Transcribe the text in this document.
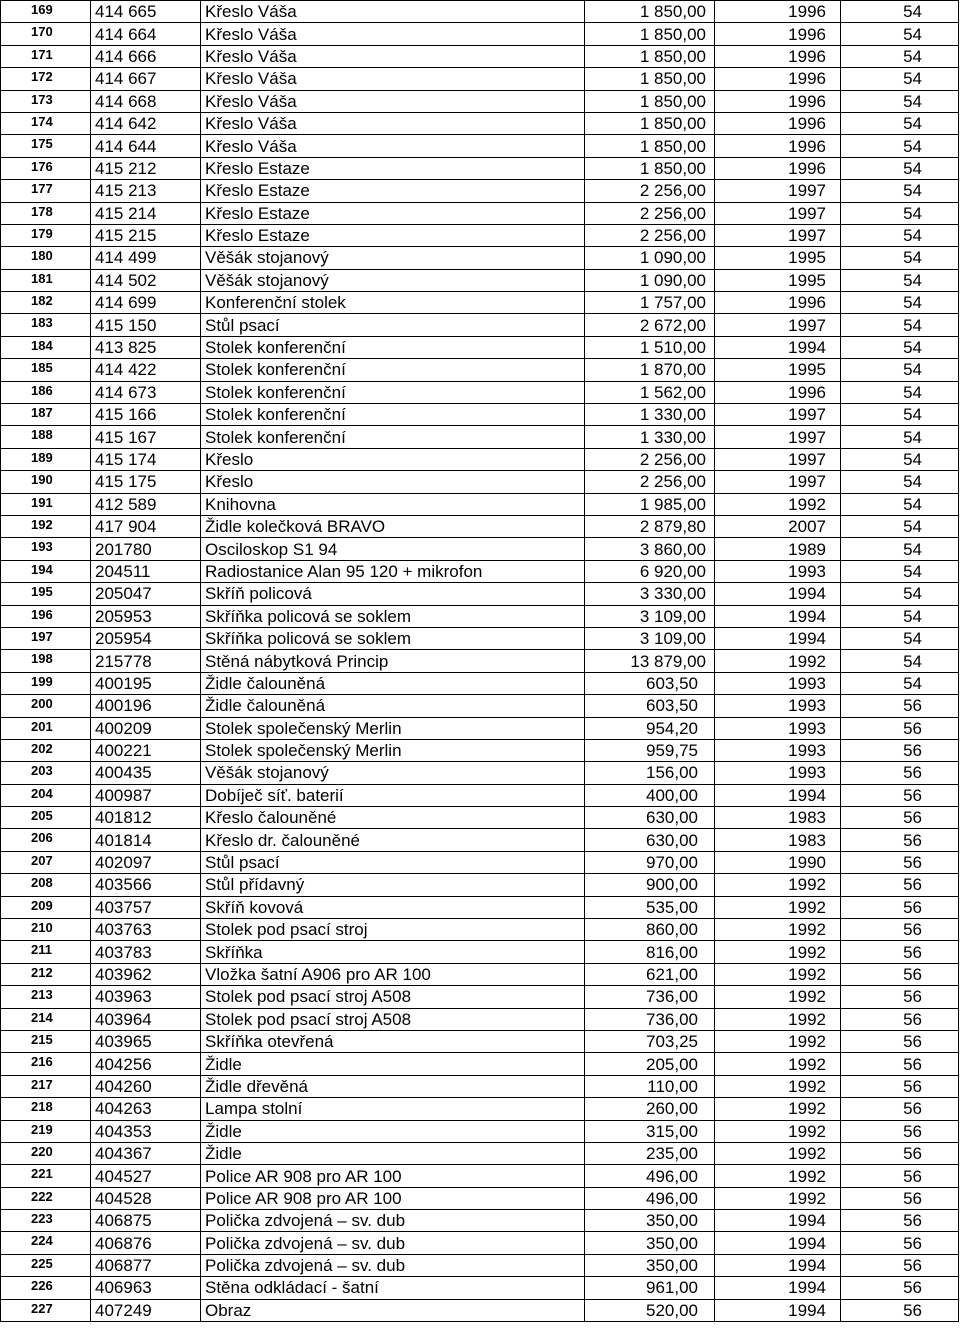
169	414 665	Křeslo Váša	1 850,00	1996	54
170	414 664	Křeslo Váša	1 850,00	1996	54
171	414 666	Křeslo Váša	1 850,00	1996	54
172	414 667	Křeslo Váša	1 850,00	1996	54
173	414 668	Křeslo Váša	1 850,00	1996	54
174	414 642	Křeslo Váša	1 850,00	1996	54
175	414 644	Křeslo Váša	1 850,00	1996	54
176	415 212	Křeslo Estaze	1 850,00	1996	54
177	415 213	Křeslo Estaze	2 256,00	1997	54
178	415 214	Křeslo Estaze	2 256,00	1997	54
179	415 215	Křeslo Estaze	2 256,00	1997	54
180	414 499	Věšák stojanový	1 090,00	1995	54
181	414 502	Věšák stojanový	1 090,00	1995	54
182	414 699	Konferenční stolek	1 757,00	1996	54
183	415 150	Stůl psací	2 672,00	1997	54
184	413 825	Stolek konferenční	1 510,00	1994	54
185	414 422	Stolek konferenční	1 870,00	1995	54
186	414 673	Stolek konferenční	1 562,00	1996	54
187	415 166	Stolek konferenční	1 330,00	1997	54
188	415 167	Stolek konferenční	1 330,00	1997	54
189	415 174	Křeslo	2 256,00	1997	54
190	415 175	Křeslo	2 256,00	1997	54
191	412 589	Knihovna	1 985,00	1992	54
192	417 904	Židle kolečková BRAVO	2 879,80	2007	54
193	201780	Osciloskop S1 94	3 860,00	1989	54
194	204511	Radiostanice Alan 95 120 + mikrofon	6 920,00	1993	54
195	205047	Skříň policová	3 330,00	1994	54
196	205953	Skříňka policová se soklem	3 109,00	1994	54
197	205954	Skříňka policová se soklem	3 109,00	1994	54
198	215778	Stěná nábytková Princip	13 879,00	1992	54
199	400195	Židle čalouněná	603,50	1993	54
200	400196	Židle čalouněná	603,50	1993	56
201	400209	Stolek společenský Merlin	954,20	1993	56
202	400221	Stolek společenský Merlin	959,75	1993	56
203	400435	Věšák stojanový	156,00	1993	56
204	400987	Dobíječ síť. baterií	400,00	1994	56
205	401812	Křeslo čalouněné	630,00	1983	56
206	401814	Křeslo dr. čalouněné	630,00	1983	56
207	402097	Stůl psací	970,00	1990	56
208	403566	Stůl přídavný	900,00	1992	56
209	403757	Skříň kovová	535,00	1992	56
210	403763	Stolek pod psací stroj	860,00	1992	56
211	403783	Skříňka	816,00	1992	56
212	403962	Vložka šatní A906 pro AR 100	621,00	1992	56
213	403963	Stolek pod psací stroj A508	736,00	1992	56
214	403964	Stolek pod psací stroj A508	736,00	1992	56
215	403965	Skříňka otevřená	703,25	1992	56
216	404256	Židle	205,00	1992	56
217	404260	Židle dřevěná	110,00	1992	56
218	404263	Lampa stolní	260,00	1992	56
219	404353	Židle	315,00	1992	56
220	404367	Židle	235,00	1992	56
221	404527	Police AR 908 pro AR 100	496,00	1992	56
222	404528	Police AR 908 pro AR 100	496,00	1992	56
223	406875	Polička zdvojená – sv. dub	350,00	1994	56
224	406876	Polička zdvojená – sv. dub	350,00	1994	56
225	406877	Polička zdvojená – sv. dub	350,00	1994	56
226	406963	Stěna odkládací - šatní	961,00	1994	56
227	407249	Obraz	520,00	1994	56
